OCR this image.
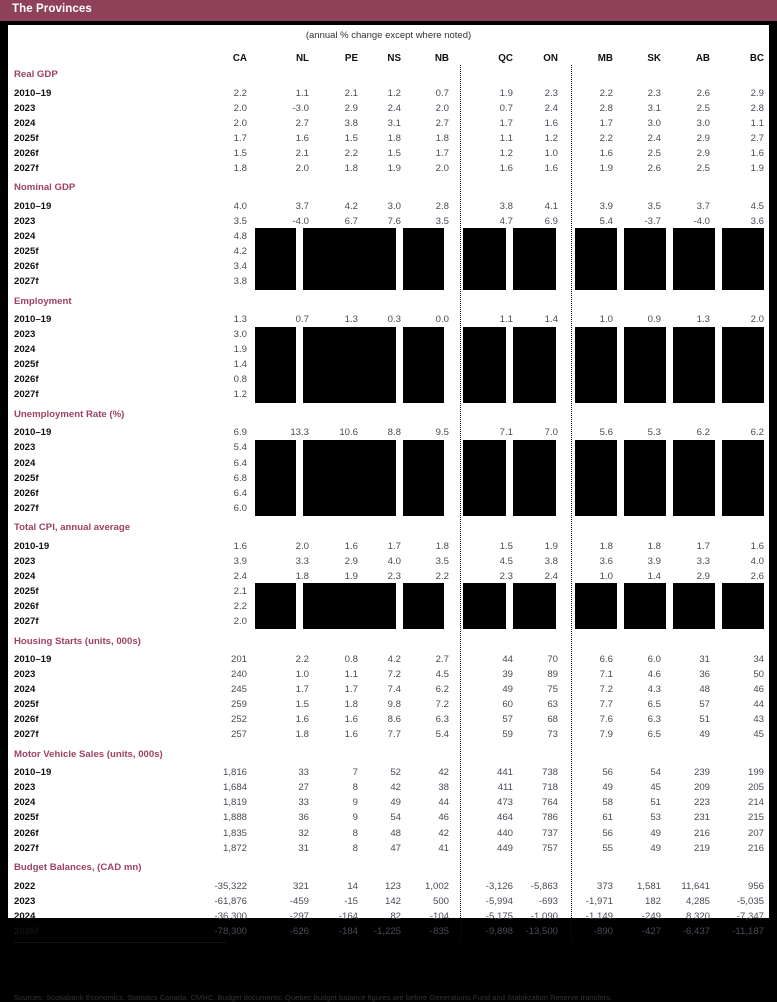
The Provinces
(annual % change except where noted)
CA	NL	PE	NS	NB	QC	ON	MB	SK	AB	BC
Real GDP
2010–19	2.2	1.1	2.1	1.2	0.7	1.9	2.3	2.2	2.3	2.6	2.9
2023	2.0	-3.0	2.9	2.4	2.0	0.7	2.4	2.8	3.1	2.5	2.8
2024	2.0	2.7	3.8	3.1	2.7	1.7	1.6	1.7	3.0	3.0	1.1
2025f	1.7	1.6	1.5	1.8	1.8	1.1	1.2	2.2	2.4	2.9	2.7
2026f	1.5	2.1	2.2	1.5	1.7	1.2	1.0	1.6	2.5	2.9	1.6
2027f	1.8	2.0	1.8	1.9	2.0	1.6	1.6	1.9	2.6	2.5	1.9
Nominal GDP
2010–19	4.0	3.7	4.2	3.0	2.8	3.8	4.1	3.9	3.5	3.7	4.5
2023	3.5	-4.0	6.7	7.6	3.5	4.7	6.9	5.4	-3.7	-4.0	3.6
2024	4.8
2025f	4.2
2026f	3.4
2027f	3.8
Employment
2010–19	1.3	0.7	1.3	0.3	0.0	1.1	1.4	1.0	0.9	1.3	2.0
2023	3.0
2024	1.9
2025f	1.4
2026f	0.8
2027f	1.2
Unemployment Rate (%)
2010–19	6.9	13.3	10.6	8.8	9.5	7.1	7.0	5.6	5.3	6.2	6.2
2023	5.4
2024	6.4
2025f	6.8
2026f	6.4
2027f	6.0
Total CPI, annual average
2010-19	1.6	2.0	1.6	1.7	1.8	1.5	1.9	1.8	1.8	1.7	1.6
2023	3.9	3.3	2.9	4.0	3.5	4.5	3.8	3.6	3.9	3.3	4.0
2024	2.4	1.8	1.9	2.3	2.2	2.3	2.4	1.0	1.4	2.9	2.6
2025f	2.1
2026f	2.2
2027f	2.0
Housing Starts (units, 000s)
2010–19	201	2.2	0.8	4.2	2.7	44	70	6.6	6.0	31	34
2023	240	1.0	1.1	7.2	4.5	39	89	7.1	4.6	36	50
2024	245	1.7	1.7	7.4	6.2	49	75	7.2	4.3	48	46
2025f	259	1.5	1.8	9.8	7.2	60	63	7.7	6.5	57	44
2026f	252	1.6	1.6	8.6	6.3	57	68	7.6	6.3	51	43
2027f	257	1.8	1.6	7.7	5.4	59	73	7.9	6.5	49	45
Motor Vehicle Sales (units, 000s)
2010–19	1,816	33	7	52	42	441	738	56	54	239	199
2023	1,684	27	8	42	38	411	718	49	45	209	205
2024	1,819	33	9	49	44	473	764	58	51	223	214
2025f	1,888	36	9	54	46	464	786	61	53	231	215
2026f	1,835	32	8	48	42	440	737	56	49	216	207
2027f	1,872	31	8	47	41	449	757	55	49	219	216
Budget Balances, (CAD mn)
2022	-35,322	321	14	123	1,002	-3,126	-5,863	373	1,581	11,641	956
2023	-61,876	-459	-15	142	500	-5,994	-693	-1,971	182	4,285	-5,035
2024	-36,300	-297	-164	82	-104	-5,175	-1,090	-1,149	-249	8,320	-7,347
2025f	-78,300	-626	-184	-1,225	-835	-9,898	-13,500	-890	-427	-6,437	-11,187
Sources: Scotiabank Economics, Statistics Canada, CMHC, Budget documents; Quebec budget balance figures are before Generations Fund and Stabilization Reserve transfers.
